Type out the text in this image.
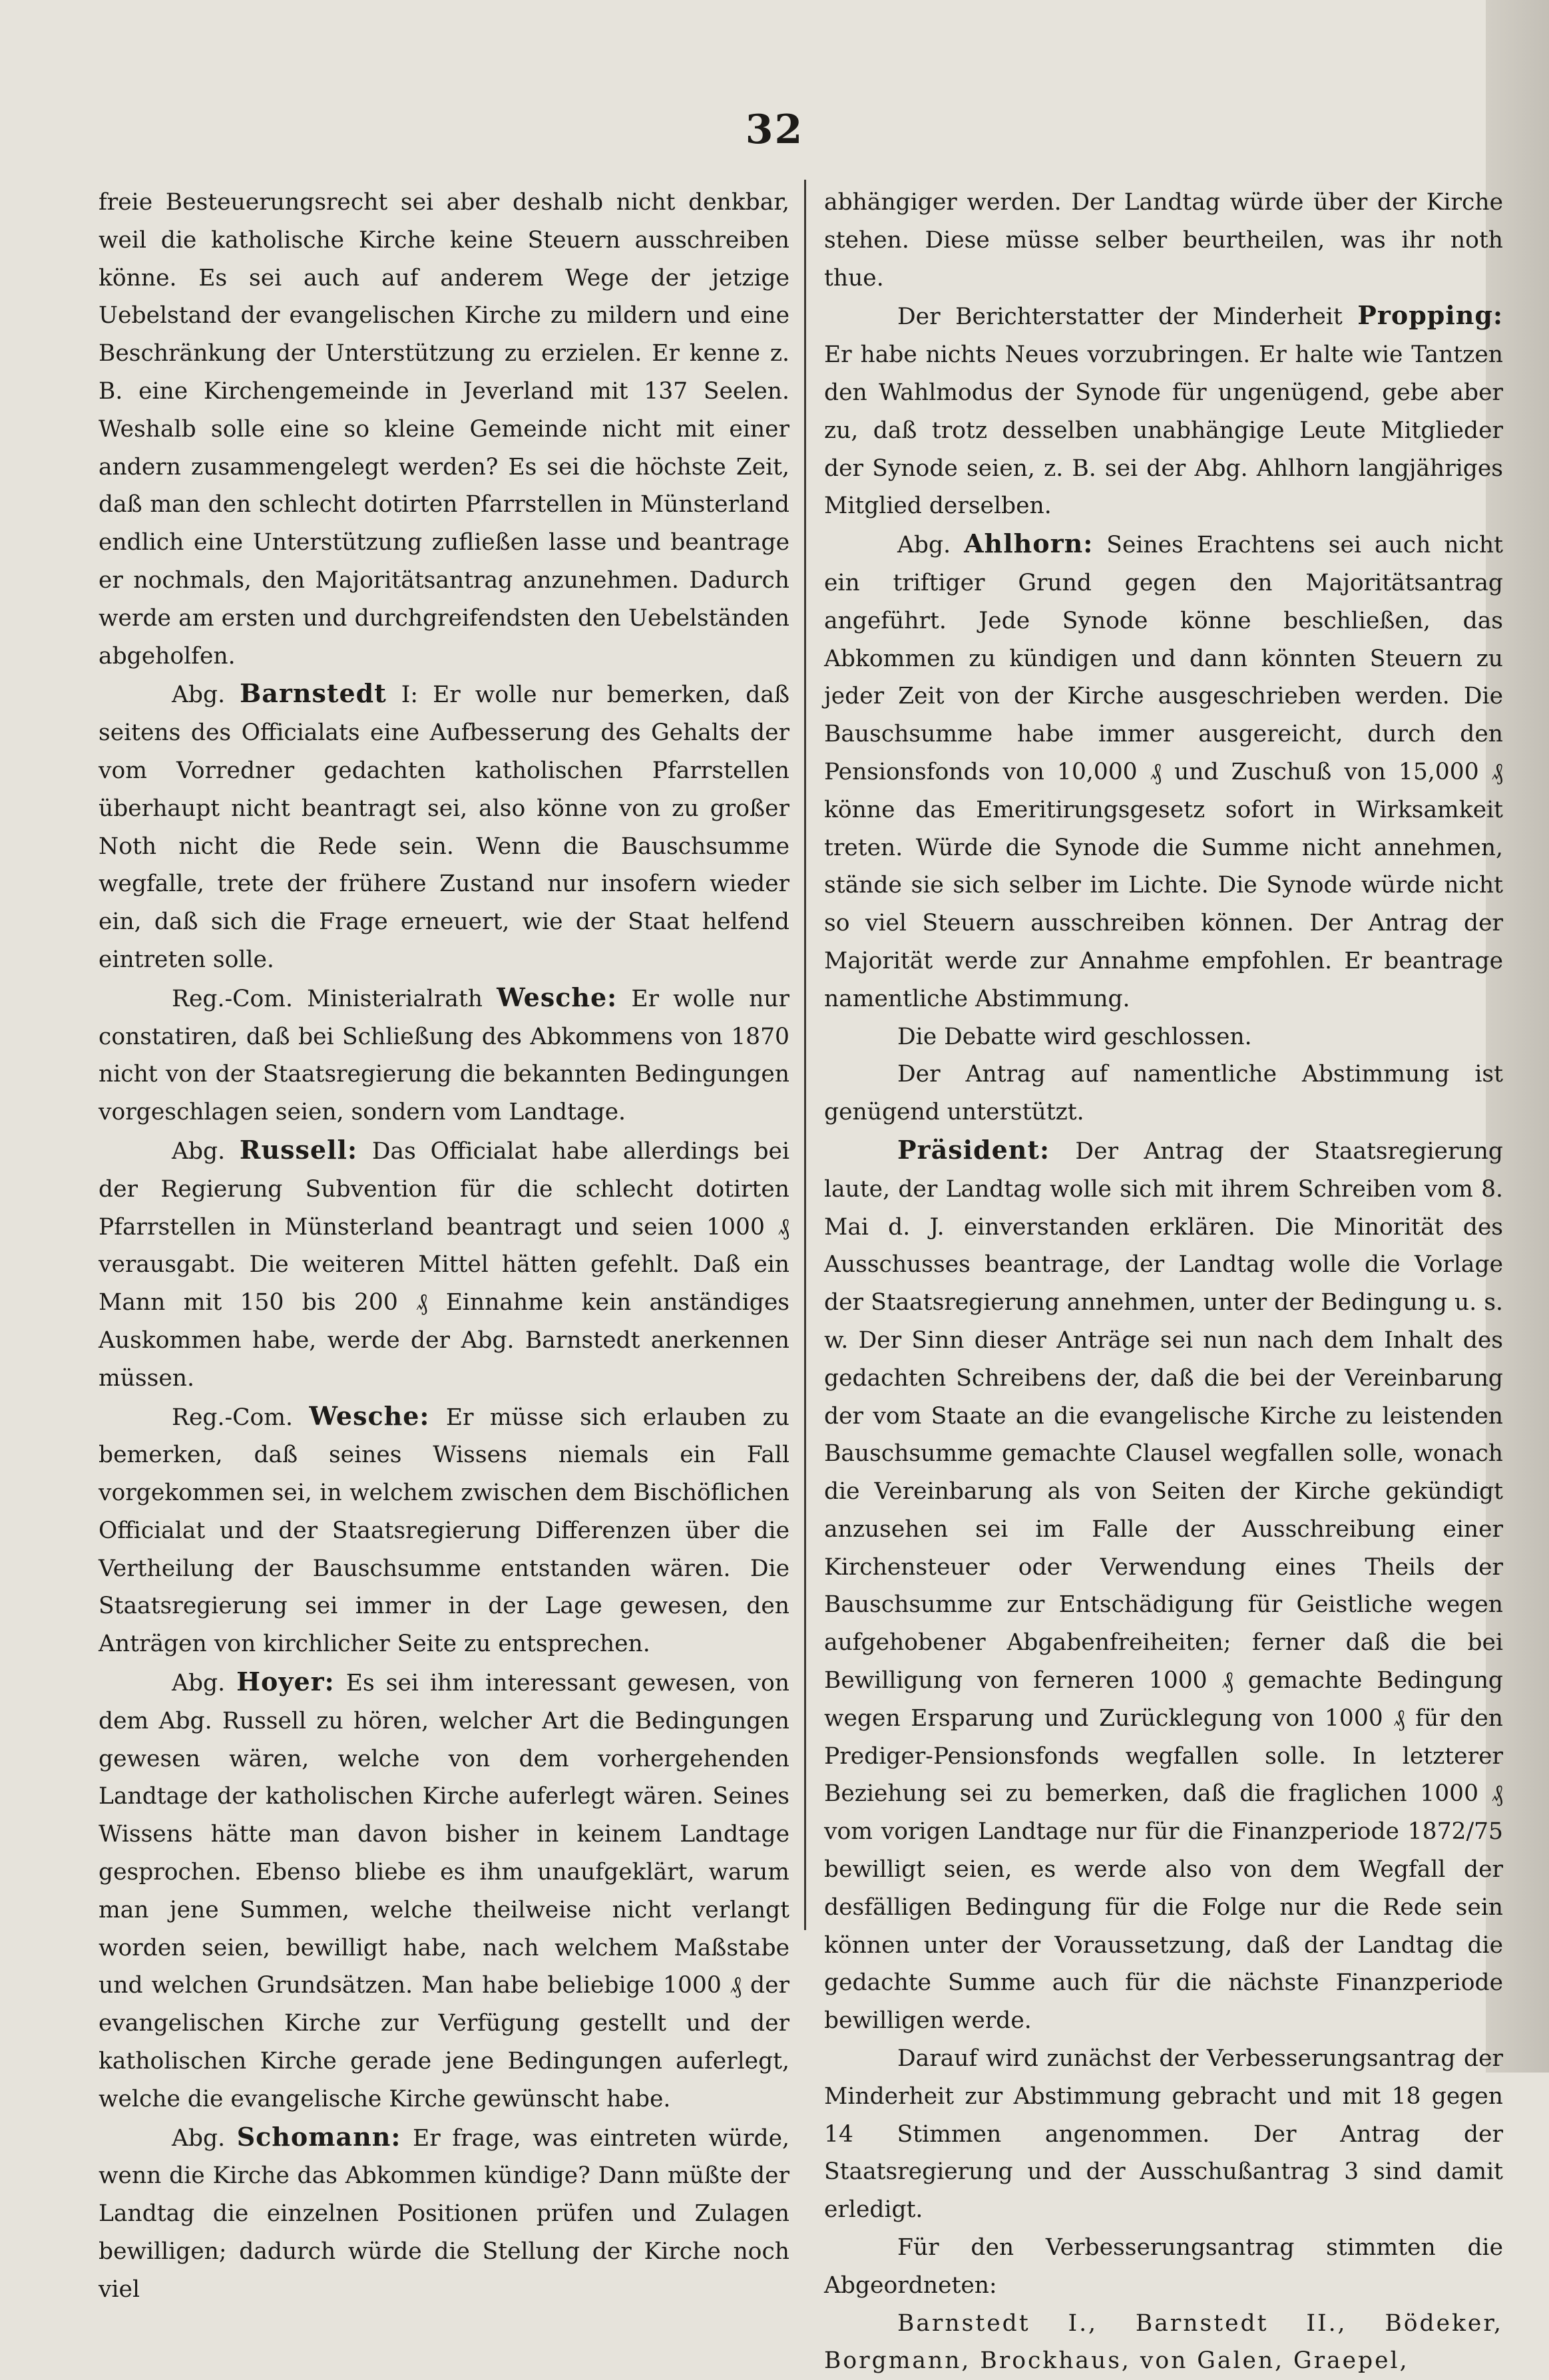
32

freie Besteuerungsrecht sei aber deshalb nicht denkbar, weil die katholische Kirche keine Steuern ausschreiben könne. Es sei auch auf anderem Wege der jetzige Uebelstand der evangelischen Kirche zu mildern und eine Beschränkung der Unterstützung zu erzielen. Er kenne z. B. eine Kirchengemeinde in Jeverland mit 137 Seelen. Weshalb solle eine so kleine Gemeinde nicht mit einer andern zusammengelegt werden? Es sei die höchste Zeit, daß man den schlecht dotirten Pfarrstellen in Münsterland endlich eine Unterstützung zufließen lasse und beantrage er nochmals, den Majoritätsantrag anzunehmen. Dadurch werde am ersten und durchgreifendsten den Uebelständen abgeholfen.

Abg. Barnstedt I: Er wolle nur bemerken, daß seitens des Officialats eine Aufbesserung des Gehalts der vom Vorredner gedachten katholischen Pfarrstellen überhaupt nicht beantragt sei, also könne von zu großer Noth nicht die Rede sein. Wenn die Bauschsumme wegfalle, trete der frühere Zustand nur insofern wieder ein, daß sich die Frage erneuert, wie der Staat helfend eintreten solle.

Reg.-Com. Ministerialrath Wesche: Er wolle nur constatiren, daß bei Schließung des Abkommens von 1870 nicht von der Staatsregierung die bekannten Bedingungen vorgeschlagen seien, sondern vom Landtage.

Abg. Russell: Das Officialat habe allerdings bei der Regierung Subvention für die schlecht dotirten Pfarrstellen in Münsterland beantragt und seien 1000 ₰ verausgabt. Die weiteren Mittel hätten gefehlt. Daß ein Mann mit 150 bis 200 ₰ Einnahme kein anständiges Auskommen habe, werde der Abg. Barnstedt anerkennen müssen.

Reg.-Com. Wesche: Er müsse sich erlauben zu bemerken, daß seines Wissens niemals ein Fall vorgekommen sei, in welchem zwischen dem Bischöflichen Officialat und der Staatsregierung Differenzen über die Vertheilung der Bauschsumme entstanden wären. Die Staatsregierung sei immer in der Lage gewesen, den Anträgen von kirchlicher Seite zu entsprechen.

Abg. Hoyer: Es sei ihm interessant gewesen, von dem Abg. Russell zu hören, welcher Art die Bedingungen gewesen wären, welche von dem vorhergehenden Landtage der katholischen Kirche auferlegt wären. Seines Wissens hätte man davon bisher in keinem Landtage gesprochen. Ebenso bliebe es ihm unaufgeklärt, warum man jene Summen, welche theilweise nicht verlangt worden seien, bewilligt habe, nach welchem Maßstabe und welchen Grundsätzen. Man habe beliebige 1000 ₰ der evangelischen Kirche zur Verfügung gestellt und der katholischen Kirche gerade jene Bedingungen auferlegt, welche die evangelische Kirche gewünscht habe.

Abg. Schomann: Er frage, was eintreten würde, wenn die Kirche das Abkommen kündige? Dann müßte der Landtag die einzelnen Positionen prüfen und Zulagen bewilligen; dadurch würde die Stellung der Kirche noch viel

abhängiger werden. Der Landtag würde über der Kirche stehen. Diese müsse selber beurtheilen, was ihr noth thue.

Der Berichterstatter der Minderheit Propping: Er habe nichts Neues vorzubringen. Er halte wie Tantzen den Wahlmodus der Synode für ungenügend, gebe aber zu, daß trotz desselben unabhängige Leute Mitglieder der Synode seien, z. B. sei der Abg. Ahlhorn langjähriges Mitglied derselben.

Abg. Ahlhorn: Seines Erachtens sei auch nicht ein triftiger Grund gegen den Majoritätsantrag angeführt. Jede Synode könne beschließen, das Abkommen zu kündigen und dann könnten Steuern zu jeder Zeit von der Kirche ausgeschrieben werden. Die Bauschsumme habe immer ausgereicht, durch den Pensionsfonds von 10,000 ₰ und Zuschuß von 15,000 ₰ könne das Emeritirungsgesetz sofort in Wirksamkeit treten. Würde die Synode die Summe nicht annehmen, stände sie sich selber im Lichte. Die Synode würde nicht so viel Steuern ausschreiben können. Der Antrag der Majorität werde zur Annahme empfohlen. Er beantrage namentliche Abstimmung.

Die Debatte wird geschlossen.

Der Antrag auf namentliche Abstimmung ist genügend unterstützt.

Präsident: Der Antrag der Staatsregierung laute, der Landtag wolle sich mit ihrem Schreiben vom 8. Mai d. J. einverstanden erklären. Die Minorität des Ausschusses beantrage, der Landtag wolle die Vorlage der Staatsregierung annehmen, unter der Bedingung u. s. w. Der Sinn dieser Anträge sei nun nach dem Inhalt des gedachten Schreibens der, daß die bei der Vereinbarung der vom Staate an die evangelische Kirche zu leistenden Bauschsumme gemachte Clausel wegfallen solle, wonach die Vereinbarung als von Seiten der Kirche gekündigt anzusehen sei im Falle der Ausschreibung einer Kirchensteuer oder Verwendung eines Theils der Bauschsumme zur Entschädigung für Geistliche wegen aufgehobener Abgabenfreiheiten; ferner daß die bei Bewilligung von ferneren 1000 ₰ gemachte Bedingung wegen Ersparung und Zurücklegung von 1000 ₰ für den Prediger-Pensionsfonds wegfallen solle. In letzterer Beziehung sei zu bemerken, daß die fraglichen 1000 ₰ vom vorigen Landtage nur für die Finanzperiode 1872/75 bewilligt seien, es werde also von dem Wegfall der desfälligen Bedingung für die Folge nur die Rede sein können unter der Voraussetzung, daß der Landtag die gedachte Summe auch für die nächste Finanzperiode bewilligen werde.

Darauf wird zunächst der Verbesserungsantrag der Minderheit zur Abstimmung gebracht und mit 18 gegen 14 Stimmen angenommen. Der Antrag der Staatsregierung und der Ausschußantrag 3 sind damit erledigt.

Für den Verbesserungsantrag stimmten die Abgeordneten:

Barnstedt I., Barnstedt II., Bödeker, Borgmann, Brockhaus, von Galen, Graepel,
